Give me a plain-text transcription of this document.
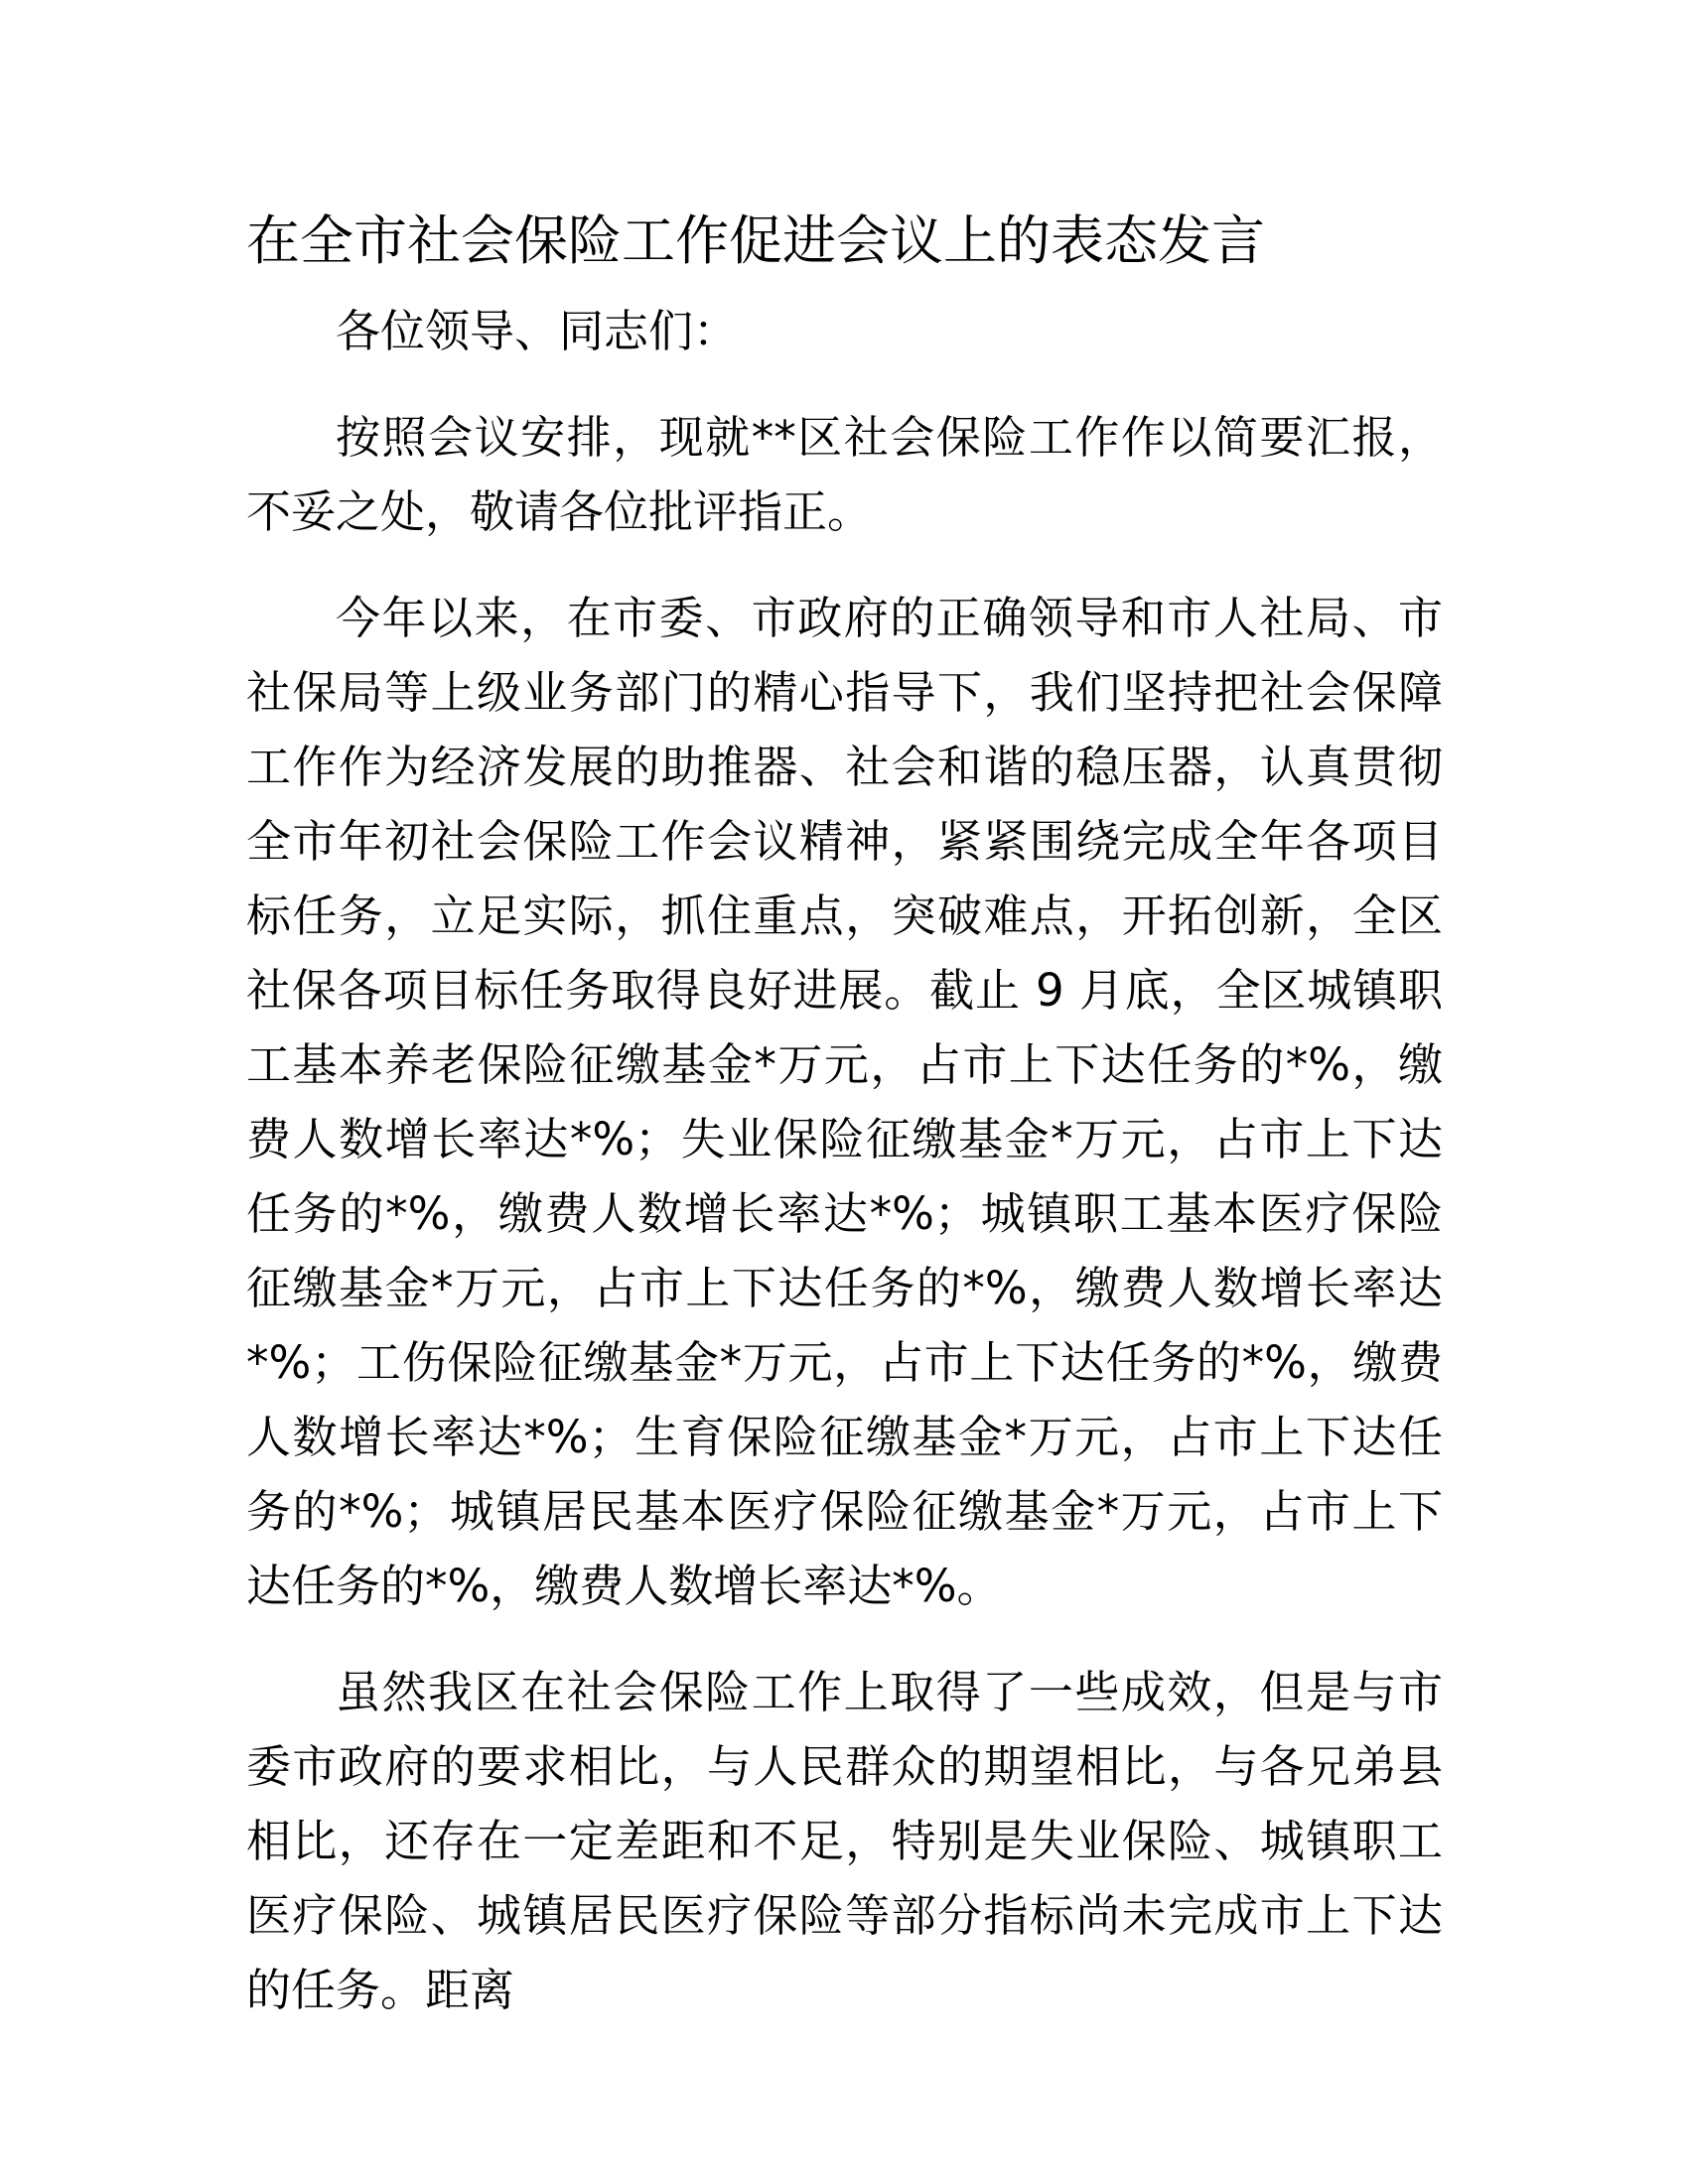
在全市社会保险工作促进会议上的表态发言

各位领导、同志们：

按照会议安排，现就**区社会保险工作作以简要汇报，不妥之处，敬请各位批评指正。

今年以来，在市委、市政府的正确领导和市人社局、市社保局等上级业务部门的精心指导下，我们坚持把社会保障工作作为经济发展的助推器、社会和谐的稳压器，认真贯彻全市年初社会保险工作会议精神，紧紧围绕完成全年各项目标任务，立足实际，抓住重点，突破难点，开拓创新，全区社保各项目标任务取得良好进展。截止 9 月底，全区城镇职工基本养老保险征缴基金*万元，占市上下达任务的*%，缴费人数增长率达*%；失业保险征缴基金*万元，占市上下达任务的*%，缴费人数增长率达*%；城镇职工基本医疗保险征缴基金*万元，占市上下达任务的*%，缴费人数增长率达*%；工伤保险征缴基金*万元，占市上下达任务的*%，缴费人数增长率达*%；生育保险征缴基金*万元，占市上下达任务的*%；城镇居民基本医疗保险征缴基金*万元，占市上下达任务的*%，缴费人数增长率达*%。

虽然我区在社会保险工作上取得了一些成效，但是与市委市政府的要求相比，与人民群众的期望相比，与各兄弟县相比，还存在一定差距和不足，特别是失业保险、城镇职工医疗保险、城镇居民医疗保险等部分指标尚未完成市上下达的任务。距离
